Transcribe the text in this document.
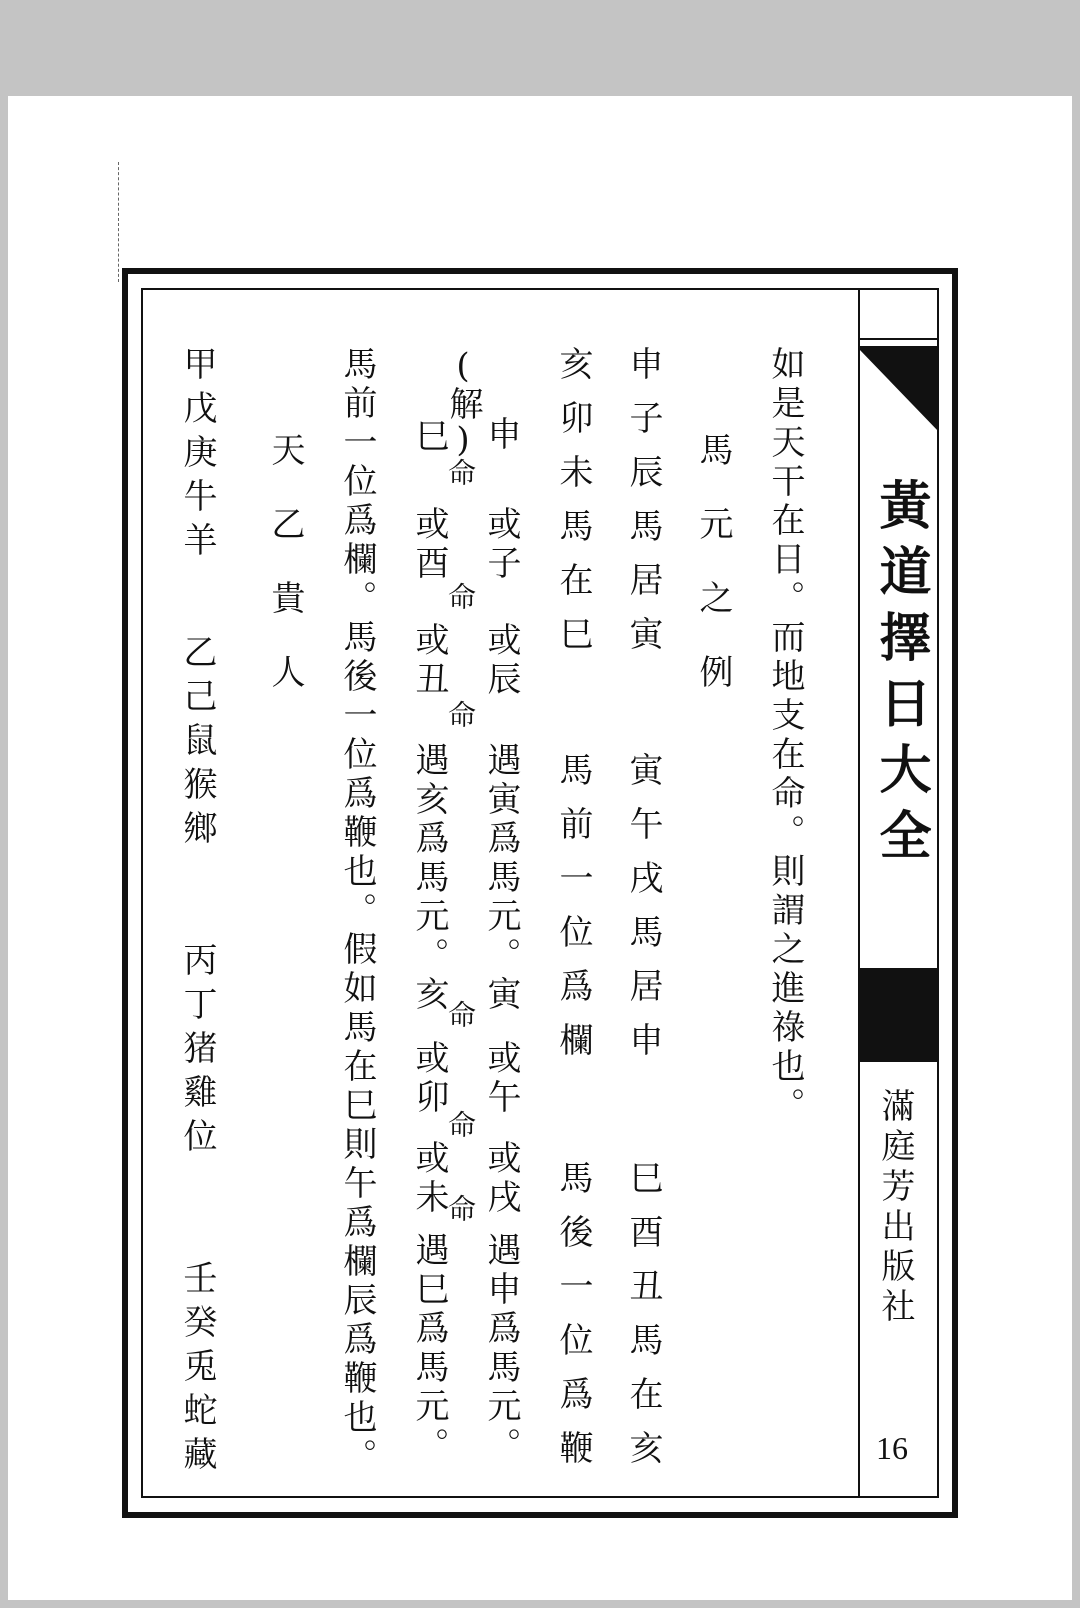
黃道擇日大全
滿庭芳出版社
16
如是天干在日。而地支在命。則謂之進祿也。
馬元之例
申子辰馬居寅
寅午戌馬居申
巳酉丑馬在亥
亥卯未馬在巳
馬前一位爲欄
馬後一位爲鞭
(解)
申
命
或子
命
或辰
命
遇寅爲馬元。寅
命
或午
命
或戌
命
遇申爲馬元。
巳
或酉
或丑
遇亥爲馬元。亥
或卯
或未
遇巳爲馬元。
馬前一位爲欄。馬後一位爲鞭也。假如馬在巳則午爲欄辰爲鞭也。
天乙貴人
甲戊庚牛羊
乙己鼠猴鄉
丙丁猪雞位
壬癸兎蛇藏
